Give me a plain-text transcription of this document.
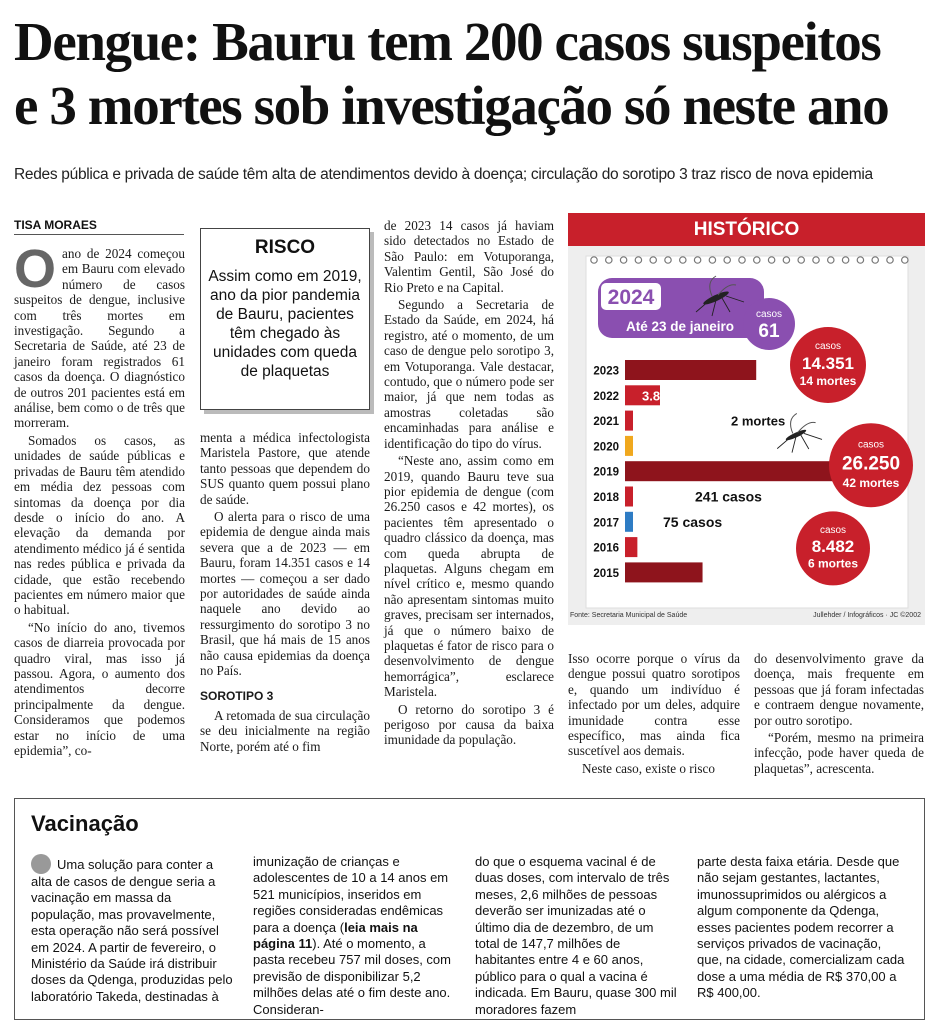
Dengue: Bauru tem 200 casos suspeitos
e 3 mortes sob investigação só neste ano
Redes pública e privada de saúde têm alta de atendimentos devido à doença; circulação do sorotipo 3 traz risco de nova epidemia
TISA MORAES

Oano de 2024 começou em Bauru com elevado número de casos suspeitos de dengue, inclusive com três mortes em investigação. Segundo a Secretaria de Saúde, até 23 de janeiro foram registrados 61 casos da doença. O diagnóstico de outros 201 pacientes está em análise, bem como o de três que morreram.

Somados os casos, as unidades de saúde públicas e privadas de Bauru têm atendido em média dez pessoas com sintomas da doença por dia desde o início do ano. A elevação da demanda por atendimento médico já é sentida nas redes pública e privada da cidade, que estão recebendo pacientes em número maior que o habitual.

“No início do ano, tivemos casos de diarreia provocada por quadro viral, mas isso já passou. Agora, o aumento dos atendimentos decorre principalmente da dengue. Consideramos que podemos estar no início de uma epidemia”, co-

RISCO
Assim como em 2019, ano da pior pandemia de Bauru, pacientes têm chegado às unidades com queda de plaquetas

menta a médica infectologista Maristela Pastore, que atende tanto pessoas que dependem do SUS quanto quem possui plano de saúde.

O alerta para o risco de uma epidemia de dengue ainda mais severa que a de 2023 — em Bauru, foram 14.351 casos e 14 mortes — começou a ser dado por autoridades de saúde ainda naquele ano devido ao ressurgimento do sorotipo 3 no Brasil, que há mais de 15 anos não causa epidemias da doença no País.

SOROTIPO 3

A retomada de sua circulação se deu inicialmente na região Norte, porém até o fim

de 2023 14 casos já haviam sido detectados no Estado de São Paulo: em Votuporanga, Valentim Gentil, São José do Rio Preto e na Capital.

Segundo a Secretaria de Estado da Saúde, em 2024, há registro, até o momento, de um caso de dengue pelo sorotipo 3, em Votuporanga. Vale destacar, contudo, que o número pode ser maior, já que nem todas as amostras coletadas são encaminhadas para análise e identificação do tipo do vírus.

“Neste ano, assim como em 2019, quando Bauru teve sua pior epidemia de dengue (com 26.250 casos e 42 mortes), os pacientes têm apresentado o quadro clássico da doença, mas com queda abrupta de plaquetas. Alguns chegam em nível crítico e, mesmo quando não apresentam sintomas muito graves, precisam ser internados, já que o número baixo de plaquetas é fator de risco para o desenvolvimento de dengue hemorrágica”, esclarece Maristela.

O retorno do sorotipo 3 é perigoso por causa da baixa imunidade da população.

HISTÓRICO
2024
Até 23 de janeiro
casos
61
2023
2022
2021
2020
2019
2018
2017
2016
2015
casos
14.351
14 mortes
casos
26.250
42 mortes
casos
8.482
6 mortes
3.827 casos 4 mortes
1.353 casos 1 morte
403 casos 2 mortes
795 casos
241 casos
75 casos
Fonte: Secretaria Municipal de Saúde	Jullehder / Infográficos · JC ©2002

Isso ocorre porque o vírus da dengue possui quatro sorotipos e, quando um indivíduo é infectado por um deles, adquire imunidade contra esse específico, mas ainda fica suscetível aos demais.

Neste caso, existe o risco

do desenvolvimento grave da doença, mais frequente em pessoas que já foram infectadas e contraem dengue novamente, por outro sorotipo.

“Porém, mesmo na primeira infecção, pode haver queda de plaquetas”, acrescenta.

Vacinação

Uma solução para conter a alta de casos de dengue seria a vacinação em massa da população, mas provavelmente, esta operação não será possível em 2024. A partir de fevereiro, o Ministério da Saúde irá distribuir doses da Qdenga, produzidas pelo laboratório Takeda, destinadas à

imunização de crianças e adolescentes de 10 a 14 anos em 521 municípios, inseridos em regiões consideradas endêmicas para a doença (leia mais na página 11). Até o momento, a pasta recebeu 757 mil doses, com previsão de disponibilizar 5,2 milhões delas até o fim deste ano. Consideran-

do que o esquema vacinal é de duas doses, com intervalo de três meses, 2,6 milhões de pessoas deverão ser imunizadas até o último dia de dezembro, de um total de 147,7 milhões de habitantes entre 4 e 60 anos, público para o qual a vacina é indicada. Em Bauru, quase 300 mil moradores fazem

parte desta faixa etária. Desde que não sejam gestantes, lactantes, imunossuprimidos ou alérgicos a algum componente da Qdenga, esses pacientes podem recorrer a serviços privados de vacinação, que, na cidade, comercializam cada dose a uma média de R$ 370,00 a R$ 400,00.
